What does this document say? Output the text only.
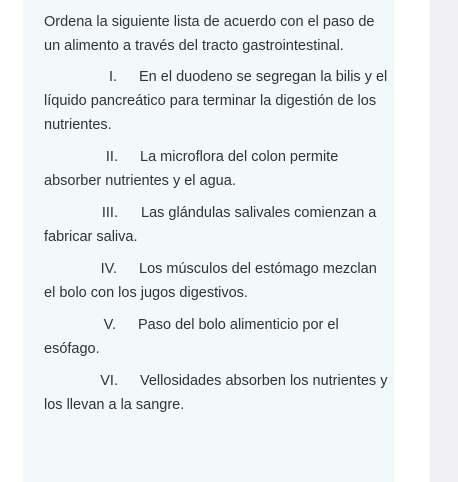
Ordena la siguiente lista de acuerdo con el paso de un alimento a través del tracto gastrointestinal.

I. En el duodeno se segregan la bilis y el líquido pancreático para terminar la digestión de los nutrientes.

II. La microflora del colon permite absorber nutrientes y el agua.

III. Las glándulas salivales comienzan a fabricar saliva.

IV. Los músculos del estómago mezclan el bolo con los jugos digestivos.

V. Paso del bolo alimenticio por el esófago.

VI. Vellosidades absorben los nutrientes y los llevan a la sangre.
